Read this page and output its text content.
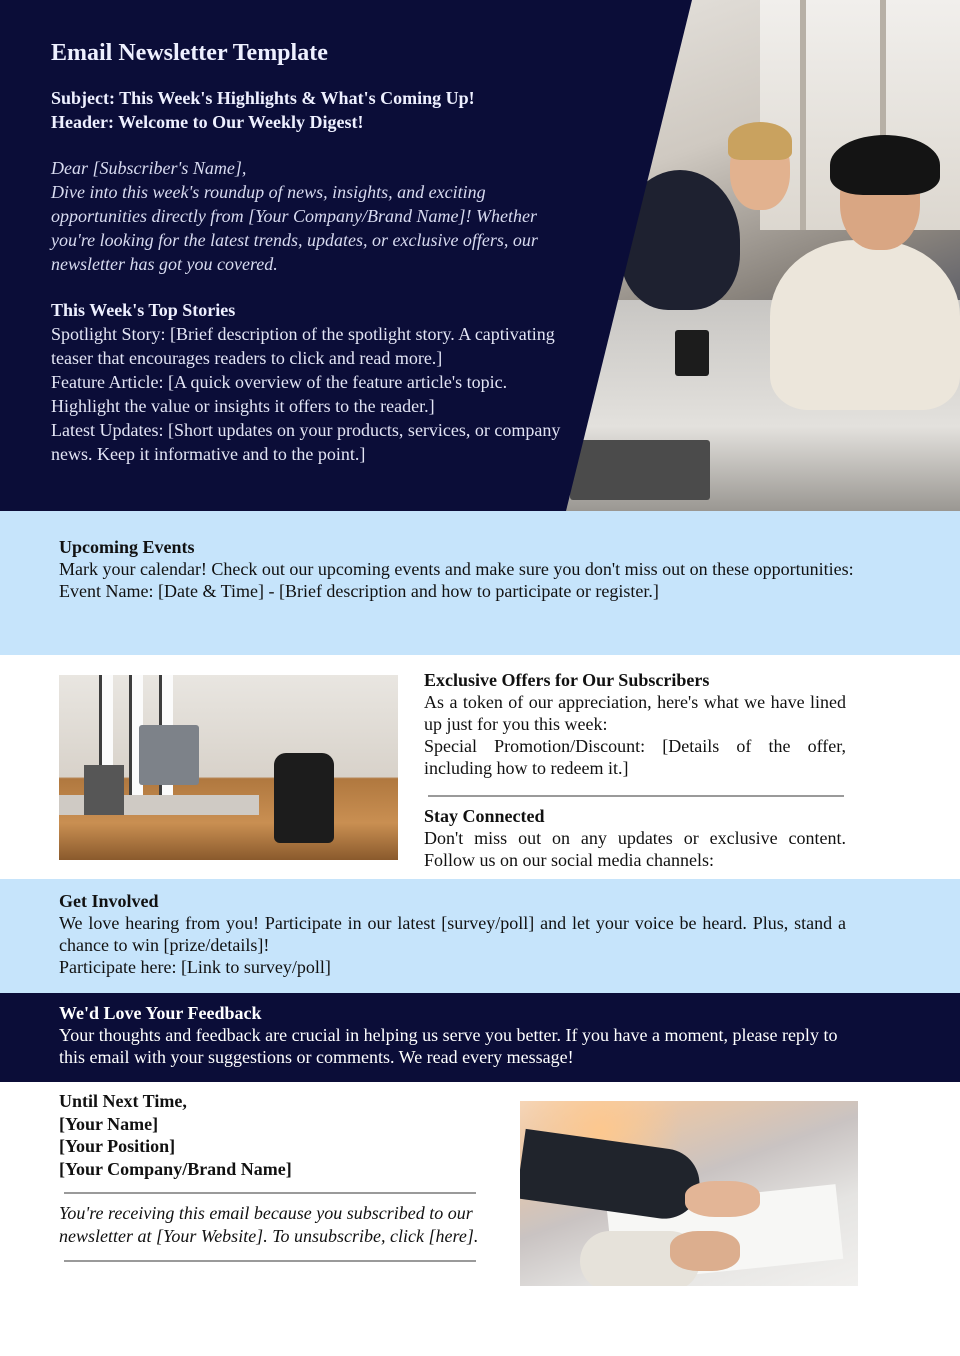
Email Newsletter Template
Subject: This Week's Highlights & What's Coming Up!
Header: Welcome to Our Weekly Digest!
Dear [Subscriber's Name],
Dive into this week's roundup of news, insights, and exciting opportunities directly from [Your Company/Brand Name]! Whether you're looking for the latest trends, updates, or exclusive offers, our newsletter has got you covered.
This Week's Top Stories
Spotlight Story: [Brief description of the spotlight story. A captivating teaser that encourages readers to click and read more.]
Feature Article: [A quick overview of the feature article's topic. Highlight the value or insights it offers to the reader.]
Latest Updates: [Short updates on your products, services, or company news. Keep it informative and to the point.]
Upcoming Events
Mark your calendar! Check out our upcoming events and make sure you don't miss out on these opportunities:
Event Name: [Date & Time] - [Brief description and how to participate or register.]
Exclusive Offers for Our Subscribers
As a token of our appreciation, here's what we have lined up just for you this week:
Special Promotion/Discount: [Details of the offer, including how to redeem it.]
Stay Connected
Don't miss out on any updates or exclusive content. Follow us on our social media channels:
Get Involved
We love hearing from you! Participate in our latest [survey/poll] and let your voice be heard. Plus, stand a chance to win [prize/details]!
Participate here: [Link to survey/poll]
We'd Love Your Feedback
Your thoughts and feedback are crucial in helping us serve you better. If you have a moment, please reply to this email with your suggestions or comments. We read every message!
Until Next Time,
[Your Name]
[Your Position]
[Your Company/Brand Name]
You're receiving this email because you subscribed to our newsletter at [Your Website]. To unsubscribe, click [here].
